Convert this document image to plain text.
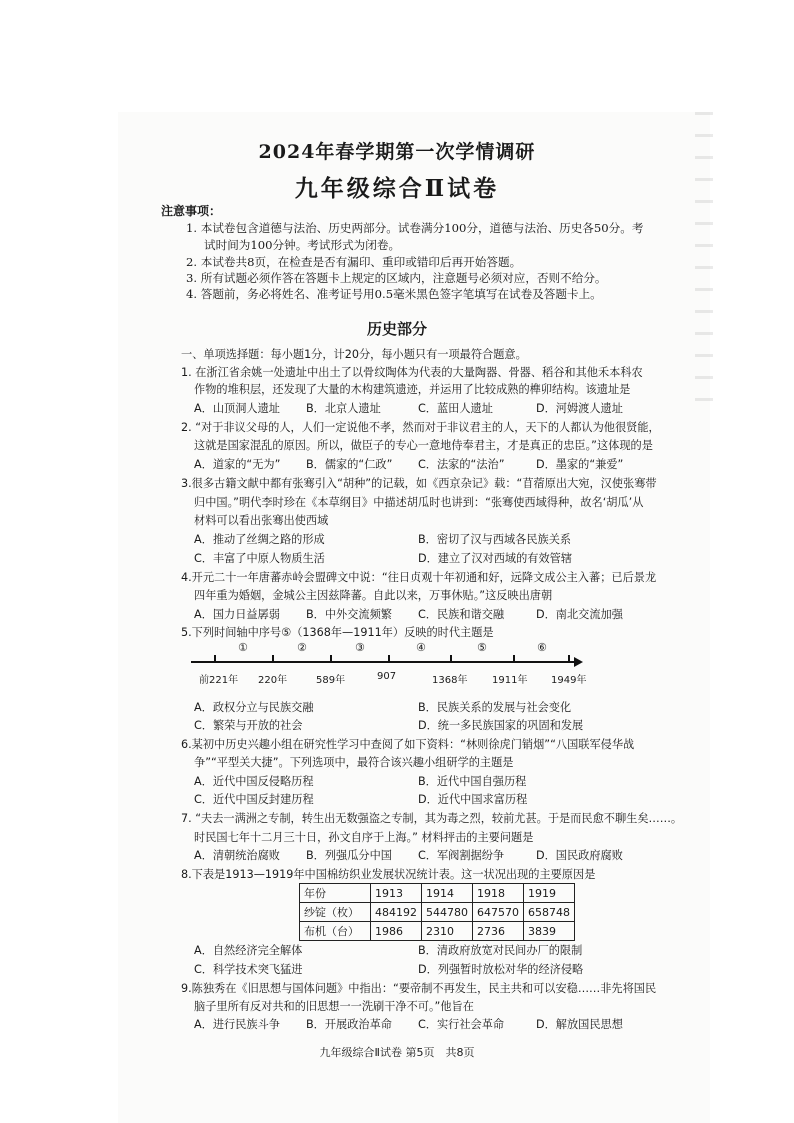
2024年春学期第一次学情调研
九年级综合Ⅱ试卷
注意事项：
1. 本试卷包含道德与法治、历史两部分。试卷满分100分，道德与法治、历史各50分。考
试时间为100分钟。考试形式为闭卷。
2. 本试卷共8页，在检查是否有漏印、重印或错印后再开始答题。
3. 所有试题必须作答在答题卡上规定的区域内，注意题号必须对应，否则不给分。
4. 答题前，务必将姓名、准考证号用0.5毫米黑色签字笔填写在试卷及答题卡上。
历史部分
一、单项选择题：每小题1分，计20分，每小题只有一项最符合题意。
1. 在浙江省余姚一处遗址中出土了以骨纹陶体为代表的大量陶器、骨器、稻谷和其他禾本科农
作物的堆积层，还发现了大量的木构建筑遗迹，并运用了比较成熟的榫卯结构。该遗址是
A．山顶洞人遗址 B．北京人遗址	C．蓝田人遗址	D．河姆渡人遗址
2. “对于非议父母的人，人们一定说他不孝，然而对于非议君主的人，天下的人都认为他很贤能，
这就是国家混乱的原因。所以，做臣子的专心一意地侍奉君主，才是真正的忠臣。”这体现的是
A．道家的“无为” B．儒家的“仁政” C．法家的“法治”	D．墨家的“兼爱”
3.很多古籍文献中都有张骞引入“胡种”的记载，如《西京杂记》载：“苜蓿原出大宛，汉使张骞带
归中国。”明代李时珍在《本草纲目》中描述胡瓜时也讲到：“张骞使西域得种，故名‘胡瓜’从
材料可以看出张骞出使西域
A．推动了丝绸之路的形成	B．密切了汉与西域各民族关系
C．丰富了中原人物质生活	D．建立了汉对西域的有效管辖
4.开元二十一年唐蕃赤岭会盟碑文中说：“往日贞观十年初通和好，远降文成公主入蕃；已后景龙
四年重为婚姻，金城公主因兹降蕃。自此以来，万事休贴。”这反映出唐朝
A．国力日益孱弱 B．中外交流频繁 C．民族和谐交融	D．南北交流加强
5.下列时间轴中序号⑤（1368年—1911年）反映的时代主题是
①	②	③	④	⑤	⑥
前221年 220年	589年	907	1368年 1911年 1949年
A．政权分立与民族交融	B．民族关系的发展与社会变化
C．繁荣与开放的社会	D．统一多民族国家的巩固和发展
6.某初中历史兴趣小组在研究性学习中查阅了如下资料：“林则徐虎门销烟”“八国联军侵华战
争”“平型关大捷”。下列选项中，最符合该兴趣小组研学的主题是
A．近代中国反侵略历程	B．近代中国自强历程
C．近代中国反封建历程	D．近代中国求富历程
7. “夫去一满洲之专制，转生出无数强盗之专制，其为毒之烈，较前尤甚。于是而民愈不聊生矣……。
时民国七年十二月三十日，孙文自序于上海。” 材料抨击的主要问题是
A．清朝统治腐败 B．列强瓜分中国 C．军阀割据纷争	D．国民政府腐败
8.下表是1913—1919年中国棉纺织业发展状况统计表。这一状况出现的主要原因是
年份	1913	1914	1918	1919
纱锭（枚）	484192	544780	647570	658748
布机（台）	1986	2310	2736	3839
A．自然经济完全解体	B．清政府放宽对民间办厂的限制
C．科学技术突飞猛进	D．列强暂时放松对华的经济侵略
9.陈独秀在《旧思想与国体问题》中指出：“要帝制不再发生，民主共和可以安稳……非先将国民
脑子里所有反对共和的旧思想一一洗刷干净不可。”他旨在
A．进行民族斗争 B．开展政治革命 C．实行社会革命	D．解放国民思想
九年级综合Ⅱ试卷 第5页　共8页
